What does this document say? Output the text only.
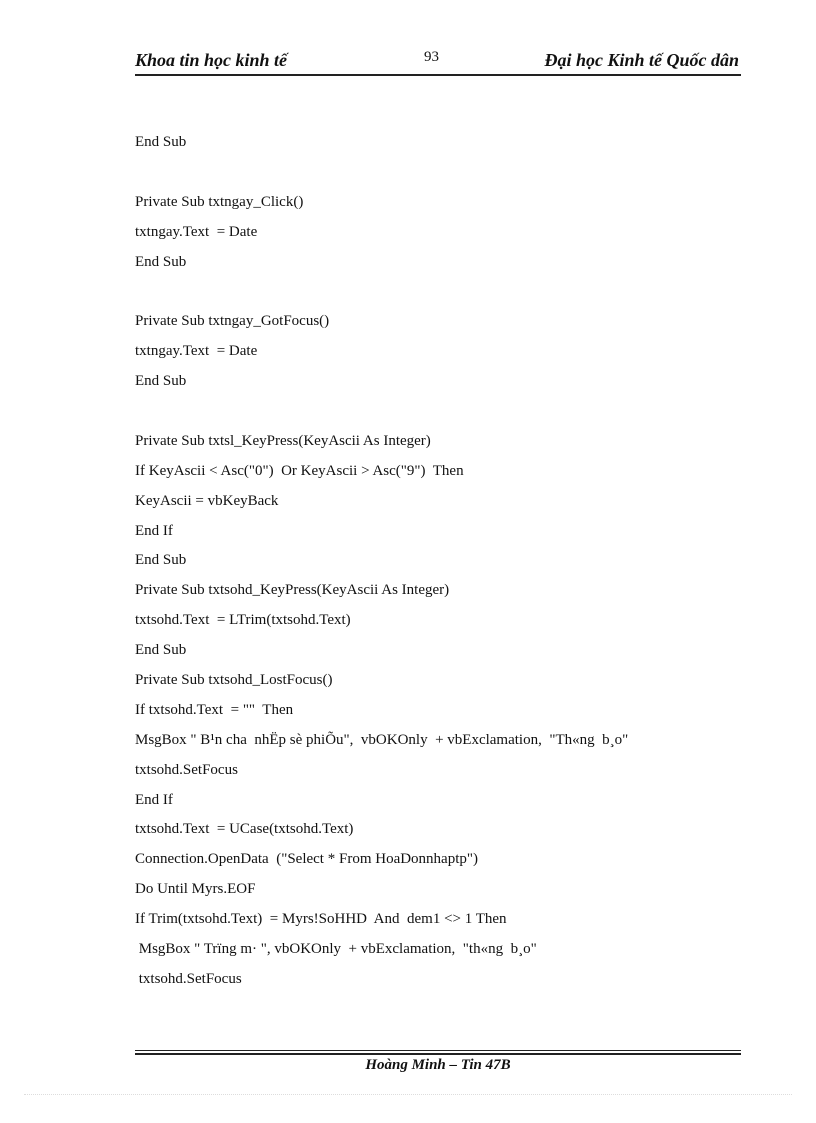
Khoa tin học kinh tế	93	Đại học Kinh tế Quốc dân
End Sub
Private Sub txtngay_Click()
txtngay.Text  = Date
End Sub
Private Sub txtngay_GotFocus()
txtngay.Text  = Date
End Sub
Private Sub txtsl_KeyPress(KeyAscii As Integer)
If KeyAscii < Asc("0")  Or KeyAscii > Asc("9")  Then
KeyAscii = vbKeyBack
End If
End Sub
Private Sub txtsohd_KeyPress(KeyAscii As Integer)
txtsohd.Text  = LTrim(txtsohd.Text)
End Sub
Private Sub txtsohd_LostFocus()
If txtsohd.Text  = ""  Then
MsgBox " B¹n cha  nhËp sè phiÕu",  vbOKOnly  + vbExclamation,  "Th«ng  b¸o"
txtsohd.SetFocus
End If
txtsohd.Text  = UCase(txtsohd.Text)
Connection.OpenData  ("Select * From HoaDonnhaptp")
Do Until Myrs.EOF
If Trim(txtsohd.Text)  = Myrs!SoHHD  And  dem1 <> 1 Then
MsgBox " Trïng m· ", vbOKOnly  + vbExclamation,  "th«ng  b¸o"
txtsohd.SetFocus
Hoàng Minh – Tin 47B
